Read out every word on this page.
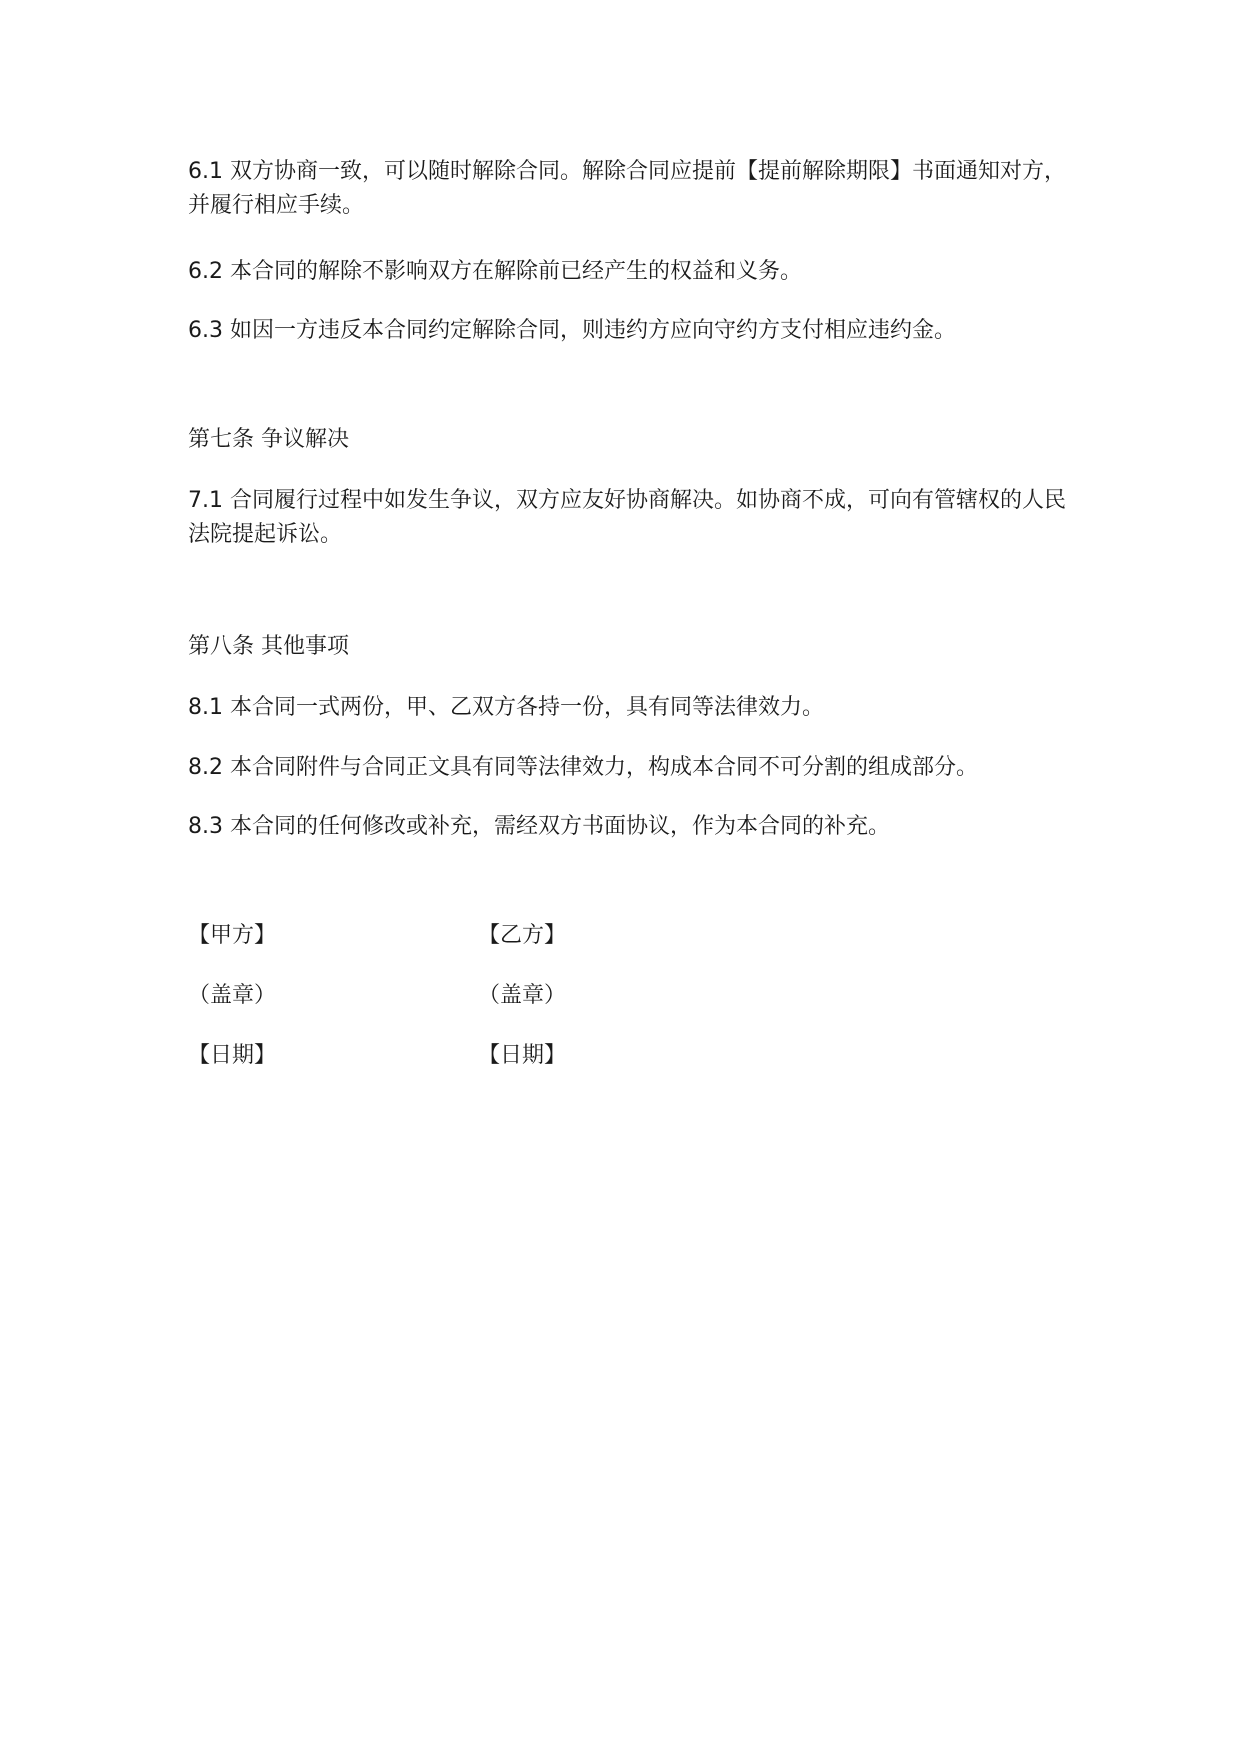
6.1 双方协商一致，可以随时解除合同。解除合同应提前【提前解除期限】书面通知对方，并履行相应手续。

6.2 本合同的解除不影响双方在解除前已经产生的权益和义务。

6.3 如因一方违反本合同约定解除合同，则违约方应向守约方支付相应违约金。

第七条 争议解决

7.1 合同履行过程中如发生争议，双方应友好协商解决。如协商不成，可向有管辖权的人民法院提起诉讼。

第八条 其他事项

8.1 本合同一式两份，甲、乙双方各持一份，具有同等法律效力。

8.2 本合同附件与合同正文具有同等法律效力，构成本合同不可分割的组成部分。

8.3 本合同的任何修改或补充，需经双方书面协议，作为本合同的补充。

【甲方】	【乙方】

（盖章）	（盖章）

【日期】	【日期】
